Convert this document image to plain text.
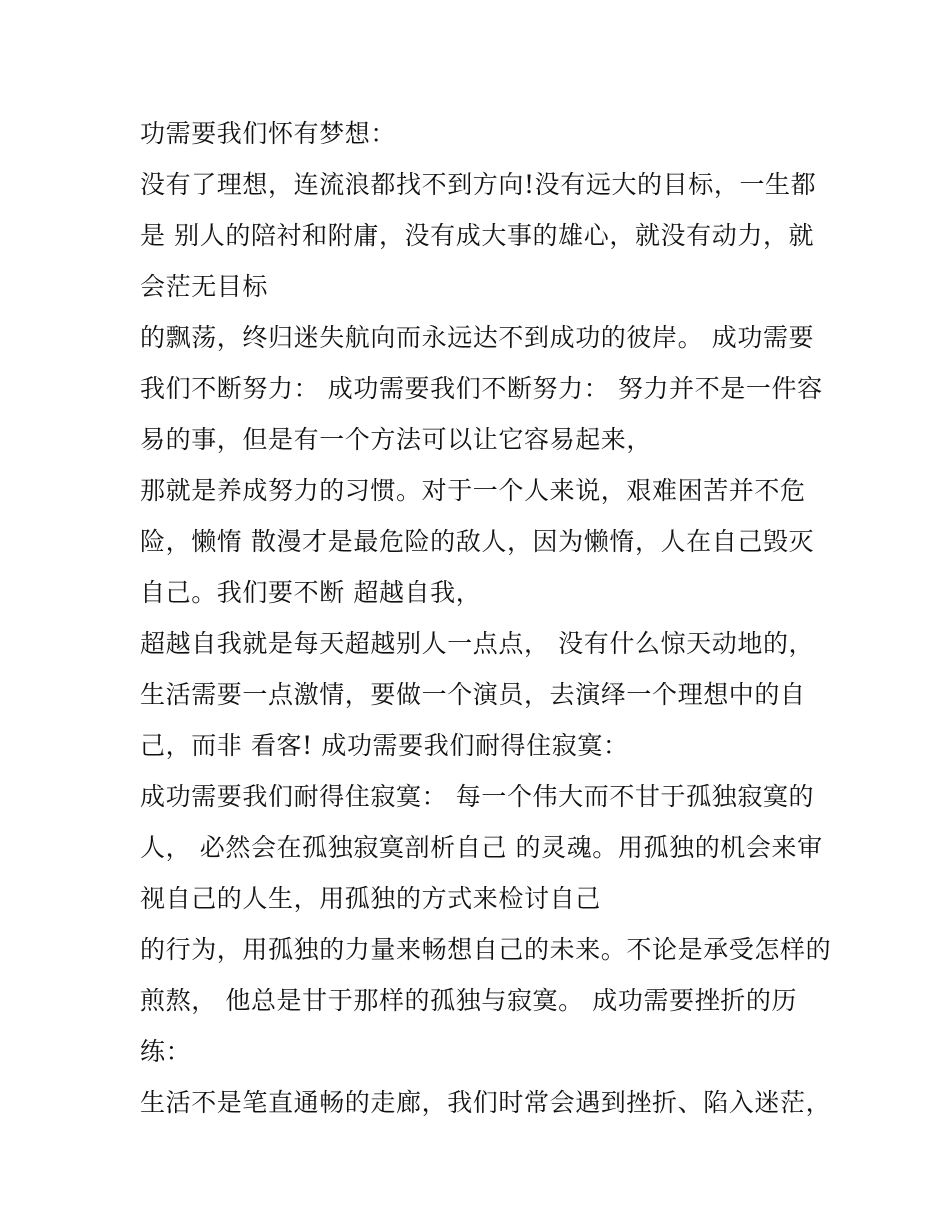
功需要我们怀有梦想：
没有了理想，连流浪都找不到方向!没有远大的目标，一生都
是 别人的陪衬和附庸，没有成大事的雄心，就没有动力，就
会茫无目标
的飘荡，终归迷失航向而永远达不到成功的彼岸。 成功需要
我们不断努力： 成功需要我们不断努力： 努力并不是一件容
易的事，但是有一个方法可以让它容易起来，
那就是养成努力的习惯。对于一个人来说，艰难困苦并不危
险，懒惰 散漫才是最危险的敌人，因为懒惰，人在自己毁灭
自己。我们要不断 超越自我，
超越自我就是每天超越别人一点点， 没有什么惊天动地的，
生活需要一点激情，要做一个演员，去演绎一个理想中的自
己，而非 看客! 成功需要我们耐得住寂寞：
成功需要我们耐得住寂寞： 每一个伟大而不甘于孤独寂寞的
人， 必然会在孤独寂寞剖析自己 的灵魂。用孤独的机会来审
视自己的人生，用孤独的方式来检讨自己
的行为，用孤独的力量来畅想自己的未来。不论是承受怎样的
煎熬， 他总是甘于那样的孤独与寂寞。 成功需要挫折的历
练：
生活不是笔直通畅的走廊，我们时常会遇到挫折、陷入迷茫，
